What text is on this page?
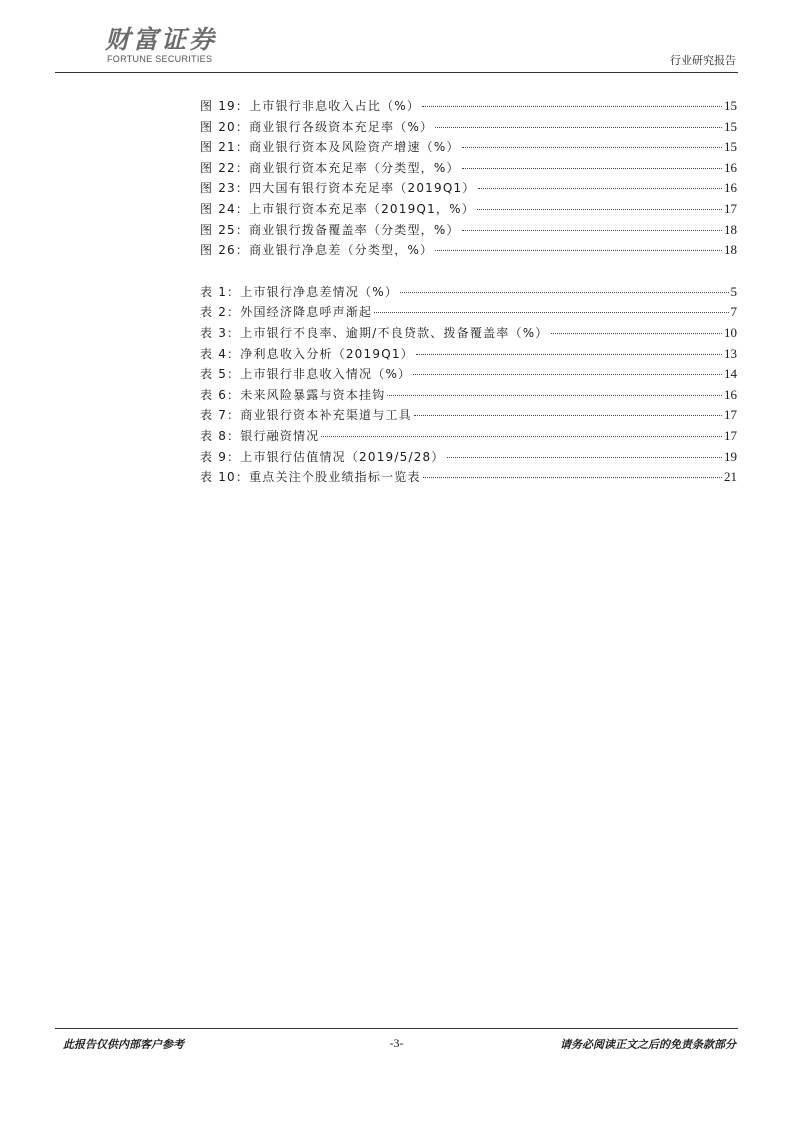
财富证券
FORTUNE SECURITIES	行业研究报告
图 19：上市银行非息收入占比（%）	15
图 20：商业银行各级资本充足率（%）	15
图 21：商业银行资本及风险资产增速（%）	15
图 22：商业银行资本充足率（分类型，%）	16
图 23：四大国有银行资本充足率（2019Q1）	16
图 24：上市银行资本充足率（2019Q1，%）	17
图 25：商业银行拨备覆盖率（分类型，%）	18
图 26：商业银行净息差（分类型，%）	18
表 1：上市银行净息差情况（%）	5
表 2：外国经济降息呼声渐起	7
表 3：上市银行不良率、逾期/不良贷款、拨备覆盖率（%）	10
表 4：净利息收入分析（2019Q1）	13
表 5：上市银行非息收入情况（%）	14
表 6：未来风险暴露与资本挂钩	16
表 7：商业银行资本补充渠道与工具	17
表 8：银行融资情况	17
表 9：上市银行估值情况（2019/5/28）	19
表 10：重点关注个股业绩指标一览表	21
此报告仅供内部客户参考	-3-	请务必阅读正文之后的免责条款部分
